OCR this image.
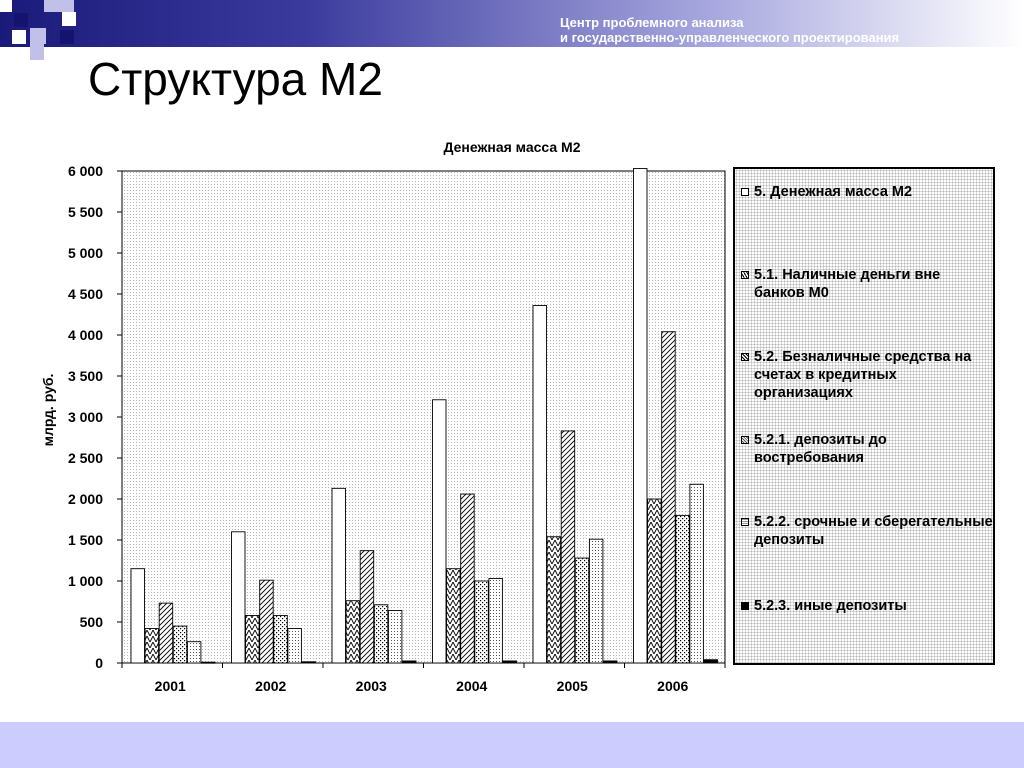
Центр проблемного анализа
и государственно-управленческого проектирования
Структура М2
Денежная масса М2
млрд. руб.
6 000
5 500
5 000
4 500
4 000
3 500
3 000
2 500
2 000
1 500
1 000
500
0
2001	2002	2003	2004	2005	2006
5. Денежная масса М2
5.1. Наличные деньги вне банков М0
5.2. Безналичные средства на счетах в кредитных организациях
5.2.1. депозиты до востребования
5.2.2. срочные и сберегательные депозиты
5.2.3. иные депозиты
